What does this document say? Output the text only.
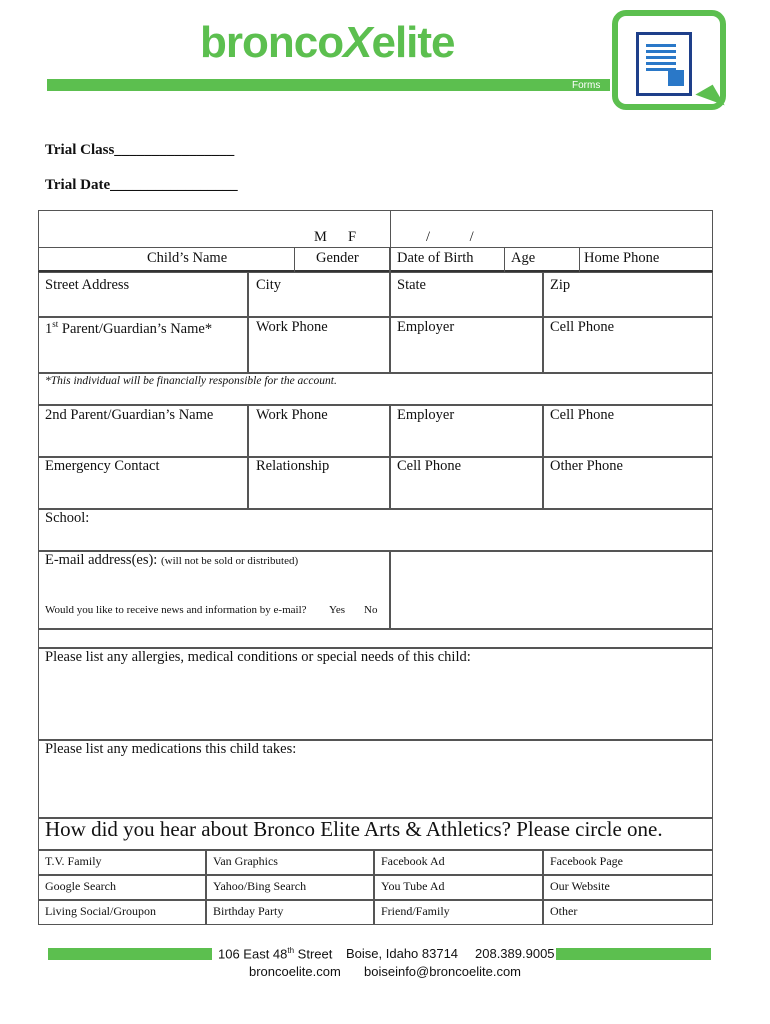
broncoXelite
Forms
Trial Class________________
Trial Date_________________
M F	/ /
Child’s Name	Gender	Date of Birth	Age	Home Phone
Street Address	City	State	Zip
1st Parent/Guardian’s Name*	Work Phone	Employer	Cell Phone
*This individual will be financially responsible for the account.
2nd Parent/Guardian’s Name	Work Phone	Employer	Cell Phone
Emergency Contact	Relationship	Cell Phone	Other Phone
School:
E-mail address(es): (will not be sold or distributed)
Would you like to receive news and information by e-mail? Yes No
Please list any allergies, medical conditions or special needs of this child:
Please list any medications this child takes:
How did you hear about Bronco Elite Arts & Athletics? Please circle one.
T.V. Family	Van Graphics	Facebook Ad	Facebook Page
Google Search	Yahoo/Bing Search	You Tube Ad	Our Website
Living Social/Groupon	Birthday Party	Friend/Family	Other
106 East 48th Street Boise, Idaho 83714 208.389.9005
broncoelite.com boiseinfo@broncoelite.com
